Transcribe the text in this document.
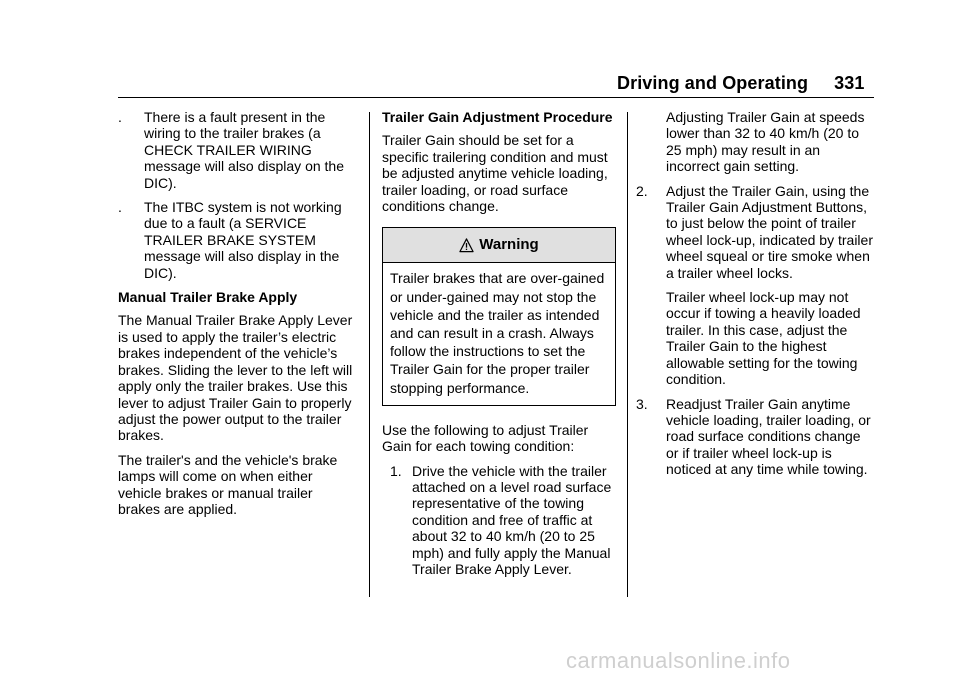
Driving and Operating 331
. There is a fault present in the wiring to the trailer brakes (a CHECK TRAILER WIRING message will also display on the DIC).
. The ITBC system is not working due to a fault (a SERVICE TRAILER BRAKE SYSTEM message will also display in the DIC).

Manual Trailer Brake Apply

The Manual Trailer Brake Apply Lever is used to apply the trailer’s electric brakes independent of the vehicle’s brakes. Sliding the lever to the left will apply only the trailer brakes. Use this lever to adjust Trailer Gain to properly adjust the power output to the trailer brakes.

The trailer's and the vehicle's brake lamps will come on when either vehicle brakes or manual trailer brakes are applied.

Trailer Gain Adjustment Procedure

Trailer Gain should be set for a specific trailering condition and must be adjusted anytime vehicle loading, trailer loading, or road surface conditions change.

Warning
Trailer brakes that are over-gained or under-gained may not stop the vehicle and the trailer as intended and can result in a crash. Always follow the instructions to set the Trailer Gain for the proper trailer stopping performance.

Use the following to adjust Trailer Gain for each towing condition:

1. Drive the vehicle with the trailer attached on a level road surface representative of the towing condition and free of traffic at about 32 to 40 km/h (20 to 25 mph) and fully apply the Manual Trailer Brake Apply Lever.

Adjusting Trailer Gain at speeds lower than 32 to 40 km/h (20 to 25 mph) may result in an incorrect gain setting.

2. Adjust the Trailer Gain, using the Trailer Gain Adjustment Buttons, to just below the point of trailer wheel lock-up, indicated by trailer wheel squeal or tire smoke when a trailer wheel locks.

Trailer wheel lock-up may not occur if towing a heavily loaded trailer. In this case, adjust the Trailer Gain to the highest allowable setting for the towing condition.

3. Readjust Trailer Gain anytime vehicle loading, trailer loading, or road surface conditions change or if trailer wheel lock-up is noticed at any time while towing.
carmanualsonline.info
